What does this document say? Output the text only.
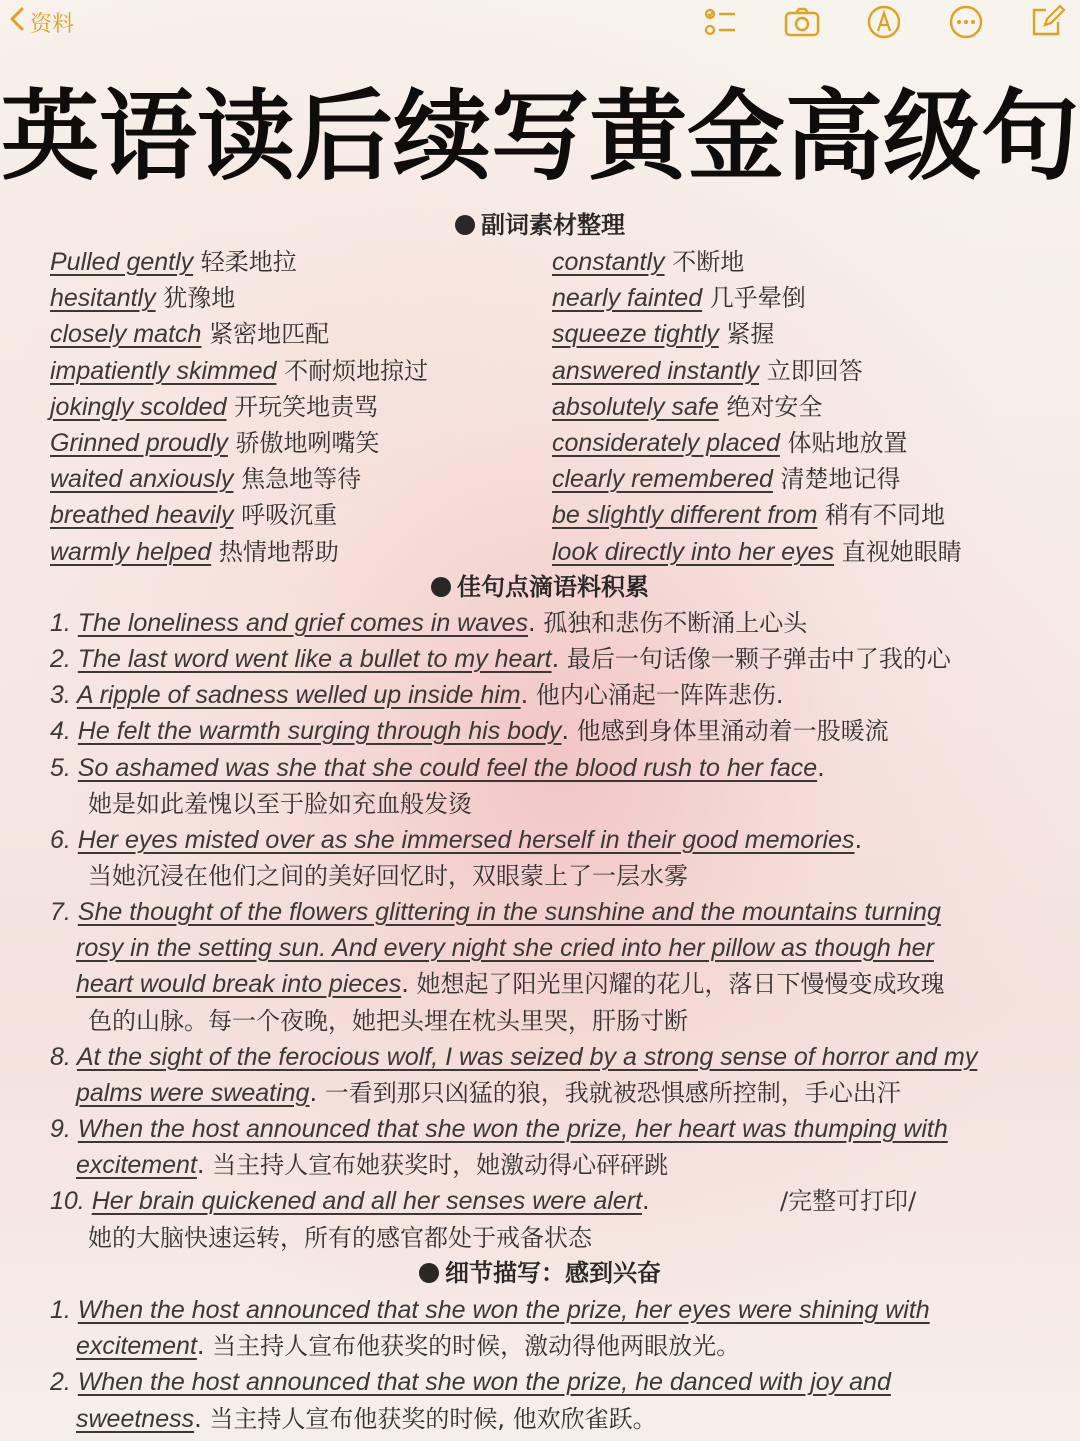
资料
英语读后续写黄金高级句
副词素材整理
Pulled gently 轻柔地拉
hesitantly 犹豫地
closely match 紧密地匹配
impatiently skimmed 不耐烦地掠过
jokingly scolded 开玩笑地责骂
Grinned proudly 骄傲地咧嘴笑
waited anxiously 焦急地等待
breathed heavily 呼吸沉重
warmly helped 热情地帮助
constantly 不断地
nearly fainted 几乎晕倒
squeeze tightly 紧握
answered instantly 立即回答
absolutely safe 绝对安全
considerately placed 体贴地放置
clearly remembered 清楚地记得
be slightly different from 稍有不同地
look directly into her eyes 直视她眼睛
佳句点滴语料积累
1. The loneliness and grief comes in waves. 孤独和悲伤不断涌上心头
2. The last word went like a bullet to my heart. 最后一句话像一颗子弹击中了我的心
3. A ripple of sadness welled up inside him. 他内心涌起一阵阵悲伤.
4. He felt the warmth surging through his body. 他感到身体里涌动着一股暖流
5. So ashamed was she that she could feel the blood rush to her face.
她是如此羞愧以至于脸如充血般发烫
6. Her eyes misted over as she immersed herself in their good memories.
当她沉浸在他们之间的美好回忆时，双眼蒙上了一层水雾
7. She thought of the flowers glittering in the sunshine and the mountains turning
rosy in the setting sun. And every night she cried into her pillow as though her
heart would break into pieces. 她想起了阳光里闪耀的花儿，落日下慢慢变成玫瑰
色的山脉。每一个夜晚，她把头埋在枕头里哭，肝肠寸断
8. At the sight of the ferocious wolf, I was seized by a strong sense of horror and my
palms were sweating. 一看到那只凶猛的狼，我就被恐惧感所控制，手心出汗
9. When the host announced that she won the prize, her heart was thumping with
excitement. 当主持人宣布她获奖时，她激动得心砰砰跳
10. Her brain quickened and all her senses were alert.	/完整可打印/
她的大脑快速运转，所有的感官都处于戒备状态
细节描写：感到兴奋
1. When the host announced that she won the prize, her eyes were shining with
excitement. 当主持人宣布他获奖的时候，激动得他两眼放光。
2. When the host announced that she won the prize, he danced with joy and
sweetness. 当主持人宣布他获奖的时候, 他欢欣雀跃。
